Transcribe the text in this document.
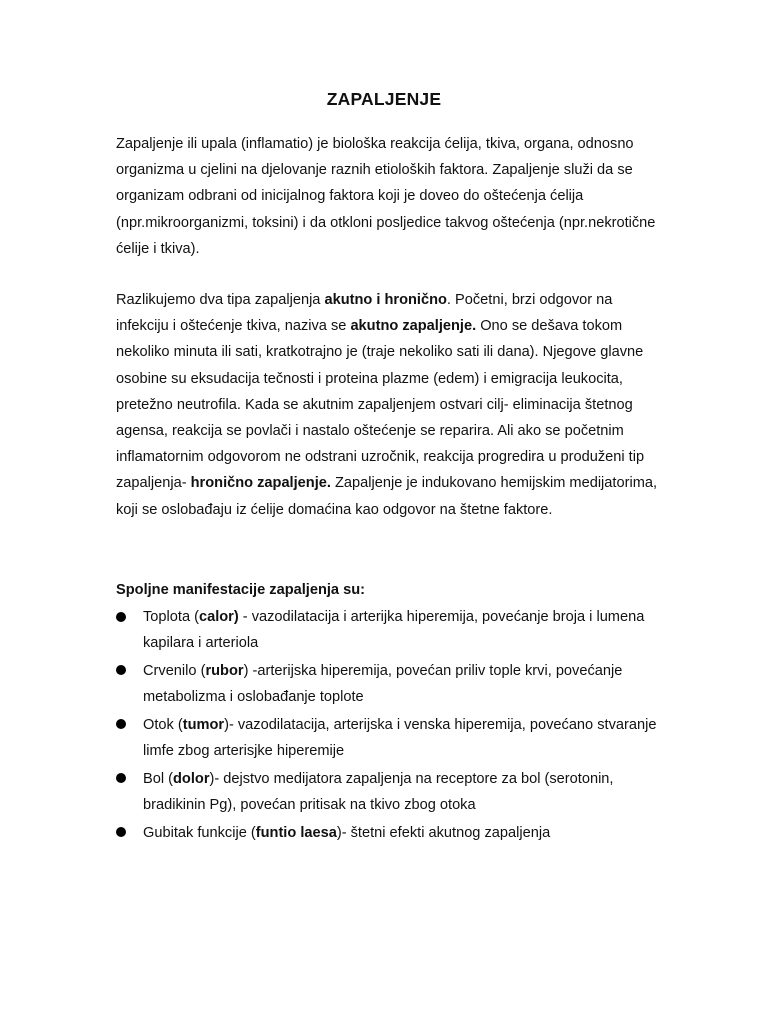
ZAPALJENJE

Zapaljenje ili upala (inflamatio) je biološka reakcija ćelija, tkiva, organa, odnosno organizma u cjelini na djelovanje raznih etioloških faktora. Zapaljenje služi da se organizam odbrani od inicijalnog faktora koji je doveo do oštećenja ćelija (npr.mikroorganizmi, toksini) i da otkloni posljedice takvog oštećenja (npr.nekrotične ćelije i tkiva).

Razlikujemo dva tipa zapaljenja akutno i hronično. Početni, brzi odgovor na infekciju i oštećenje tkiva, naziva se akutno zapaljenje. Ono se dešava tokom nekoliko minuta ili sati, kratkotrajno je (traje nekoliko sati ili dana). Njegove glavne osobine su eksudacija tečnosti i proteina plazme (edem) i emigracija leukocita, pretežno neutrofila. Kada se akutnim zapaljenjem ostvari cilj- eliminacija štetnog agensa, reakcija se povlači i nastalo oštećenje se reparira. Ali ako se početnim inflamatornim odgovorom ne odstrani uzročnik, reakcija progredira u produženi tip zapaljenja- hronično zapaljenje. Zapaljenje je indukovano hemijskim medijatorima, koji se oslobađaju iz ćelije domaćina kao odgovor na štetne faktore.

Spoljne manifestacije zapaljenja su:

Toplota (calor) - vazodilatacija i arterijka hiperemija, povećanje broja i lumena kapilara i arteriola
Crvenilo (rubor) -arterijska hiperemija, povećan priliv tople krvi, povećanje metabolizma i oslobađanje toplote
Otok (tumor)- vazodilatacija, arterijska i venska hiperemija, povećano stvaranje limfe zbog arterisjke hiperemije
Bol (dolor)- dejstvo medijatora zapaljenja na receptore za bol (serotonin, bradikinin Pg), povećan pritisak na tkivo zbog otoka
Gubitak funkcije (funtio laesa)- štetni efekti akutnog zapaljenja
